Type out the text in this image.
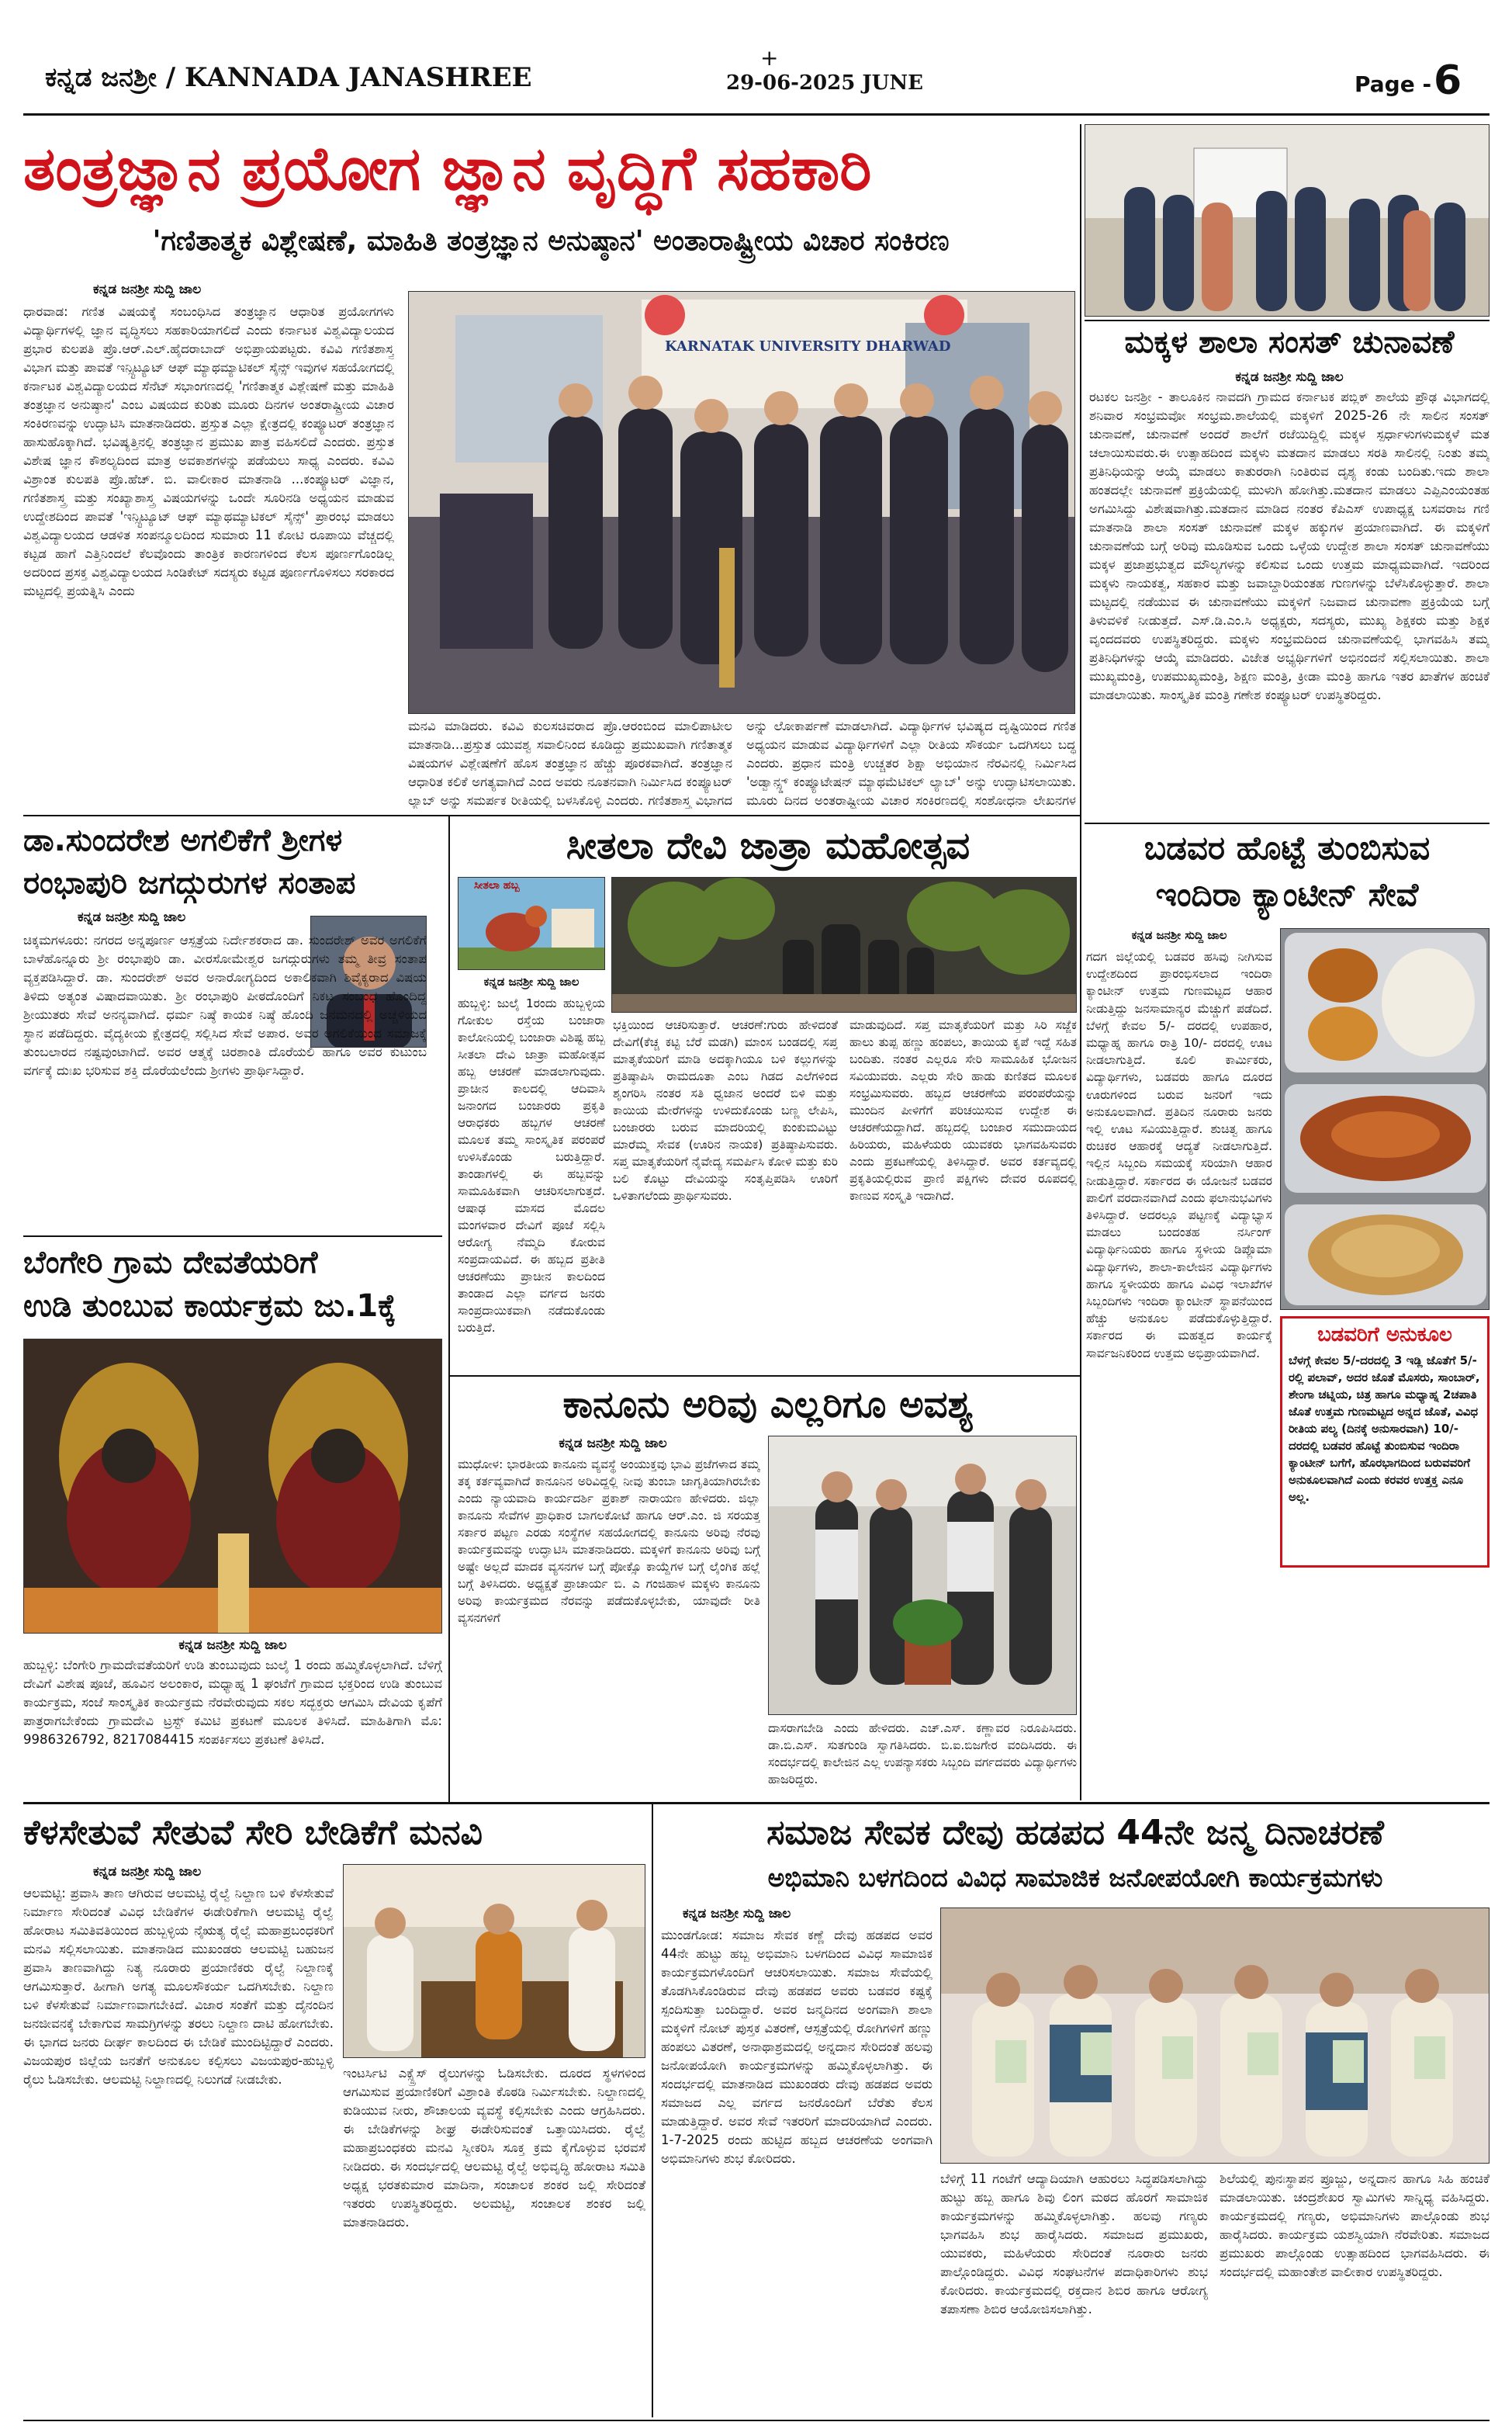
ಕನ್ನಡ ಜನಶ್ರೀ / KANNADA JANASHREE	29-06-2025 JUNE
+
Page - 6
ತಂತ್ರಜ್ಞಾನ ಪ್ರಯೋಗ ಜ್ಞಾನ ವೃದ್ಧಿಗೆ ಸಹಕಾರಿ
'ಗಣಿತಾತ್ಮಕ ವಿಶ್ಲೇಷಣೆ, ಮಾಹಿತಿ ತಂತ್ರಜ್ಞಾನ ಅನುಷ್ಠಾನ' ಅಂತಾರಾಷ್ಟ್ರೀಯ ವಿಚಾರ ಸಂಕಿರಣ
ಕನ್ನಡ ಜನಶ್ರೀ ಸುದ್ದಿ ಜಾಲ
ಧಾರವಾಡ: ಗಣಿತ ವಿಷಯಕ್ಕೆ ಸಂಬಂಧಿಸಿದ ತಂತ್ರಜ್ಞಾನ ಆಧಾರಿತ ಪ್ರಯೋಗಗಳು ವಿದ್ಯಾರ್ಥಿಗಳಲ್ಲಿ ಜ್ಞಾನ ವೃದ್ಧಿಸಲು ಸಹಕಾರಿಯಾಗಲಿದೆ ಎಂದು ಕರ್ನಾಟಕ ವಿಶ್ವವಿದ್ಯಾಲಯದ ಪ್ರಭಾರ ಕುಲಪತಿ ಪ್ರೊ.ಆರ್.ಎಲ್.ಹೈದರಾಬಾದ್ ಅಭಿಪ್ರಾಯಪಟ್ಟರು. ಕವಿವಿ ಗಣಿತಶಾಸ್ತ್ರ ವಿಭಾಗ ಮತ್ತು ಪಾವತೆ ಇನ್ಸ್ಟಿಟ್ಯೂಟ್ ಆಫ್ ಮ್ಯಾಥಮ್ಯಾಟಿಕಲ್ ಸೈನ್ಸ್ ಇವುಗಳ ಸಹಯೋಗದಲ್ಲಿ ಕರ್ನಾಟಕ ವಿಶ್ವವಿದ್ಯಾಲಯದ ಸೆನೆಟ್ ಸಭಾಂಗಣದಲ್ಲಿ 'ಗಣಿತಾತ್ಮಕ ವಿಶ್ಲೇಷಣೆ ಮತ್ತು ಮಾಹಿತಿ ತಂತ್ರಜ್ಞಾನ ಅನುಷ್ಠಾನ' ಎಂಬ ವಿಷಯದ ಕುರಿತು ಮೂರು ದಿನಗಳ ಅಂತರಾಷ್ಟ್ರೀಯ ವಿಚಾರ ಸಂಕಿರಣವನ್ನು ಉದ್ಘಾಟಿಸಿ ಮಾತನಾಡಿದರು. ಪ್ರಸ್ತುತ ಎಲ್ಲಾ ಕ್ಷೇತ್ರದಲ್ಲಿ ಕಂಪ್ಯೂಟರ್ ತಂತ್ರಜ್ಞಾನ ಹಾಸುಹೊಕ್ಕಾಗಿದೆ. ಭವಿಷ್ಯತ್ತಿನಲ್ಲಿ ತಂತ್ರಜ್ಞಾನ ಪ್ರಮುಖ ಪಾತ್ರ ವಹಿಸಲಿದೆ ಎಂದರು. ಪ್ರಸ್ತುತ ವಿಶೇಷ ಜ್ಞಾನ ಕೌಶಲ್ಯದಿಂದ ಮಾತ್ರ ಅವಕಾಶಗಳನ್ನು ಪಡೆಯಲು ಸಾಧ್ಯ ಎಂದರು. ಕವಿವಿ ವಿಶ್ರಾಂತ ಕುಲಪತಿ ಪ್ರೊ.ಹೆಚ್. ಬಿ. ವಾಲೀಕಾರ ಮಾತನಾಡಿ ...ಕಂಪ್ಯೂಟರ್ ವಿಜ್ಞಾನ, ಗಣಿತಶಾಸ್ತ್ರ ಮತ್ತು ಸಂಖ್ಯಾಶಾಸ್ತ್ರ ವಿಷಯಗಳನ್ನು ಒಂದೇ ಸೂರಿನಡಿ ಅಧ್ಯಯನ ಮಾಡುವ ಉದ್ದೇಶದಿಂದ ಪಾವತೆ 'ಇನ್ಸ್ಟಿಟ್ಯೂಟ್ ಆಫ್ ಮ್ಯಾಥಮ್ಯಾಟಿಕಲ್ ಸೈನ್ಸ್' ಪ್ರಾರಂಭ ಮಾಡಲು ವಿಶ್ವವಿದ್ಯಾಲಯದ ಆಡಳಿತ ಸಂಪನ್ಮೂಲದಿಂದ ಸುಮಾರು 11 ಕೋಟಿ ರೂಪಾಯಿ ವೆಚ್ಚದಲ್ಲಿ ಕಟ್ಟಡ ಹಾಗೆ ಎತ್ತಿನಿಂದಲೆ ಕೆಲವೊಂದು ತಾಂತ್ರಿಕ ಕಾರಣಗಳಿಂದ ಕೆಲಸ ಪೂರ್ಣಗೊಂಡಿಲ್ಲ ಅದರಿಂದ ಪ್ರಸಕ್ತ ವಿಶ್ವವಿದ್ಯಾಲಯದ ಸಿಂಡಿಕೇಟ್ ಸದಸ್ಯರು ಕಟ್ಟಡ ಪೂರ್ಣಗೊಳಿಸಲು ಸರಕಾರದ ಮಟ್ಟದಲ್ಲಿ ಪ್ರಯತ್ನಿಸಿ ಎಂದು
KARNATAK UNIVERSITY DHARWAD
ಮನವಿ ಮಾಡಿದರು. ಕವಿವಿ ಕುಲಸಚಿವರಾದ ಪ್ರೊ.ಆರಂಬಿಂದ ಮಾಲಿಪಾಟೀಲ ಮಾತನಾಡಿ...ಪ್ರಸ್ತುತ ಯುವಶ್ವ ಸವಾಲಿನಿಂದ ಕೂಡಿದ್ದು ಪ್ರಮುಖವಾಗಿ ಗಣಿತಾತ್ಮಕ ವಿಷಯಗಳ ವಿಶ್ಲೇಷಣೆಗೆ ಹೊಸ ತಂತ್ರಜ್ಞಾನ ಹೆಚ್ಚು ಪೂರಕವಾಗಿದೆ. ತಂತ್ರಜ್ಞಾನ ಆಧಾರಿತ ಕಲಿಕೆ ಅಗತ್ಯವಾಗಿದೆ ಎಂದ ಅವರು ನೂತನವಾಗಿ ನಿರ್ಮಿಸಿದ ಕಂಪ್ಯೂಟರ್ ಲ್ಯಾಬ್ ಅನ್ನು ಸಮರ್ಪಕ ರೀತಿಯಲ್ಲಿ ಬಳಸಿಕೊಳ್ಳಿ ಎಂದರು. ಗಣಿತಶಾಸ್ತ್ರ ವಿಭಾಗದ
ಅನ್ನು ಲೋಕಾರ್ಪಣೆ ಮಾಡಲಾಗಿದೆ. ವಿದ್ಯಾರ್ಥಿಗಳ ಭವಿಷ್ಯದ ದೃಷ್ಟಿಯಿಂದ ಗಣಿತ ಅಧ್ಯಯನ ಮಾಡುವ ವಿದ್ಯಾರ್ಥಿಗಳಿಗೆ ಎಲ್ಲಾ ರೀತಿಯ ಸೌಕರ್ಯ ಒದಗಿಸಲು ಬದ್ಧ ಎಂದರು. ಪ್ರಧಾನ ಮಂತ್ರಿ ಉಚ್ಚತರ ಶಿಕ್ಷಾ ಅಭಿಯಾನ ನೆರವಿನಲ್ಲಿ ನಿರ್ಮಿಸಿದ 'ಅಡ್ವಾನ್ಸ್ಡ್ ಕಂಪ್ಯೂಟೇಷನ್ ಮ್ಯಾಥಮೆಟಿಕಲ್ ಲ್ಯಾಬ್' ಅನ್ನು ಉದ್ಘಾಟಿಸಲಾಯಿತು. ಮೂರು ದಿನದ ಅಂತರಾಷ್ಟ್ರೀಯ ವಿಚಾರ ಸಂಕಿರಣದಲ್ಲಿ ಸಂಶೋಧನಾ ಲೇಖನಗಳ
ಮಕ್ಕಳ ಶಾಲಾ ಸಂಸತ್ ಚುನಾವಣೆ
ಕನ್ನಡ ಜನಶ್ರೀ ಸುದ್ದಿ ಜಾಲ
ರಟಕಲ ಜನಶ್ರೀ - ತಾಲೂಕಿನ ನಾವದಗಿ ಗ್ರಾಮದ ಕರ್ನಾಟಕ ಪಬ್ಲಿಕ್ ಶಾಲೆಯ ಪ್ರೌಢ ವಿಭಾಗದಲ್ಲಿ ಶನಿವಾರ ಸಂಭ್ರಮವೋ ಸಂಭ್ರಮ.ಶಾಲೆಯಲ್ಲಿ ಮಕ್ಕಳಿಗೆ 2025-26 ನೇ ಸಾಲಿನ ಸಂಸತ್ ಚುನಾವಣೆ, ಚುನಾವಣೆ ಅಂದರೆ ಶಾಲೆಗೆ ರಜೆಯಿದ್ದಿಲ್ಲಿ ಮಕ್ಕಳ ಸ್ಪರ್ಧಾಳುಗಳುಮಕ್ಕಳೆ ಮತ ಚಲಾಯಿಸುವರು.ಈ ಉತ್ಸಾಹದಿಂದ ಮಕ್ಕಳು ಮತದಾನ ಮಾಡಲು ಸರತಿ ಸಾಲಿನಲ್ಲಿ ನಿಂತು ತಮ್ಮ ಪ್ರತಿನಿಧಿಯನ್ನು ಆಯ್ಕೆ ಮಾಡಲು ಕಾತುರರಾಗಿ ನಿಂತಿರುವ ದೃಶ್ಯ ಕಂಡು ಬಂದಿತು.ಇದು ಶಾಲಾ ಹಂತದಲ್ಲೇ ಚುನಾವಣೆ ಪ್ರಕ್ರಿಯೆಯಲ್ಲಿ ಮುಳುಗಿ ಹೋಗಿತ್ತು.ಮತದಾನ ಮಾಡಲು ಎಪ್ಪಿಎಂಯಂತಹ ಅಗಮಿಸಿದ್ದು ವಿಶೇಷವಾಗಿತ್ತು.ಮತದಾನ ಮಾಡಿದ ನಂತರ ಕೆಪಿಎಸ್ ಉಪಾಧ್ಯಕ್ಷ ಬಸವರಾಜ ಗಣಿ ಮಾತನಾಡಿ ಶಾಲಾ ಸಂಸತ್ ಚುನಾವಣೆ ಮಕ್ಕಳ ಹಕ್ಕುಗಳ ಪ್ರಯಾಣವಾಗಿದೆ. ಈ ಮಕ್ಕಳಿಗೆ ಚುನಾವಣೆಯ ಬಗ್ಗೆ ಅರಿವು ಮೂಡಿಸುವ ಒಂದು ಒಳ್ಳೆಯ ಉದ್ದೇಶ ಶಾಲಾ ಸಂಸತ್ ಚುನಾವಣೆಯು ಮಕ್ಕಳ ಪ್ರಜಾಪ್ರಭುತ್ವದ ಮೌಲ್ಯಗಳನ್ನು ಕಲಿಸುವ ಒಂದು ಉತ್ತಮ ಮಾಧ್ಯಮವಾಗಿದೆ. ಇದರಿಂದ ಮಕ್ಕಳು ನಾಯಕತ್ವ, ಸಹಕಾರ ಮತ್ತು ಜವಾಬ್ದಾರಿಯಂತಹ ಗುಣಗಳನ್ನು ಬೆಳೆಸಿಕೊಳ್ಳುತ್ತಾರೆ. ಶಾಲಾ ಮಟ್ಟದಲ್ಲಿ ನಡೆಯುವ ಈ ಚುನಾವಣೆಯು ಮಕ್ಕಳಿಗೆ ನಿಜವಾದ ಚುನಾವಣಾ ಪ್ರಕ್ರಿಯೆಯ ಬಗ್ಗೆ ತಿಳುವಳಿಕೆ ನೀಡುತ್ತದೆ. ಎಸ್.ಡಿ.ಎಂ.ಸಿ ಅಧ್ಯಕ್ಷರು, ಸದಸ್ಯರು, ಮುಖ್ಯ ಶಿಕ್ಷಕರು ಮತ್ತು ಶಿಕ್ಷಕ ವೃಂದದವರು ಉಪಸ್ಥಿತರಿದ್ದರು. ಮಕ್ಕಳು ಸಂಭ್ರಮದಿಂದ ಚುನಾವಣೆಯಲ್ಲಿ ಭಾಗವಹಿಸಿ ತಮ್ಮ ಪ್ರತಿನಿಧಿಗಳನ್ನು ಆಯ್ಕೆ ಮಾಡಿದರು. ವಿಜೇತ ಅಭ್ಯರ್ಥಿಗಳಿಗೆ ಅಭಿನಂದನೆ ಸಲ್ಲಿಸಲಾಯಿತು. ಶಾಲಾ ಮುಖ್ಯಮಂತ್ರಿ, ಉಪಮುಖ್ಯಮಂತ್ರಿ, ಶಿಕ್ಷಣ ಮಂತ್ರಿ, ಕ್ರೀಡಾ ಮಂತ್ರಿ ಹಾಗೂ ಇತರ ಖಾತೆಗಳ ಹಂಚಿಕೆ ಮಾಡಲಾಯಿತು. ಸಾಂಸ್ಕೃತಿಕ ಮಂತ್ರಿ ಗಣೇಶ ಕಂಪ್ಯೂಟರ್ ಉಪಸ್ಥಿತರಿದ್ದರು.
ಡಾ.ಸುಂದರೇಶ ಅಗಲಿಕೆಗೆ ಶ್ರೀಗಳ
ರಂಭಾಪುರಿ ಜಗದ್ಗುರುಗಳ ಸಂತಾಪ
ಕನ್ನಡ ಜನಶ್ರೀ ಸುದ್ದಿ ಜಾಲ
ಚಿಕ್ಕಮಗಳೂರು: ನಗರದ ಅನ್ನಪೂರ್ಣ ಆಸ್ಪತ್ರೆಯ ನಿರ್ದೇಶಕರಾದ ಡಾ. ಸುಂದರೇಶ್ ಅವರ ಅಗಲಿಕೆಗೆ ಬಾಳೆಹೊನ್ನೂರು ಶ್ರೀ ರಂಭಾಪುರಿ ಡಾ. ವೀರಸೋಮೇಶ್ವರ ಜಗದ್ಗುರುಗಳು ತಮ್ಮ ತೀವ್ರ ಸಂತಾಪ ವ್ಯಕ್ತಪಡಿಸಿದ್ದಾರೆ. ಡಾ. ಸುಂದರೇಶ್ ಅವರ ಅನಾರೋಗ್ಯದಿಂದ ಅಕಾಲಿಕವಾಗಿ ಶಿವೈಕ್ಯರಾದ ವಿಷಯ ತಿಳಿದು ಅತ್ಯಂತ ವಿಷಾದವಾಯಿತು. ಶ್ರೀ ರಂಭಾಪುರಿ ಪೀಠದೊಂದಿಗೆ ನಿಕಟ ಸಂಬಂಧ ಹೊಂದಿದ್ದ ಶ್ರೀಯುತರು ಸೇವೆ ಅನನ್ಯವಾಗಿದೆ. ಧರ್ಮ ನಿಷ್ಠೆ ಕಾಯಕ ನಿಷ್ಠೆ ಹೊಂದಿ ಜನಮನದಲ್ಲಿ ಅಚ್ಚಳಿಯದ ಸ್ಥಾನ ಪಡೆದಿದ್ದರು. ವೈದ್ಯಕೀಯ ಕ್ಷೇತ್ರದಲ್ಲಿ ಸಲ್ಲಿಸಿದ ಸೇವೆ ಅಪಾರ. ಅವರ ಅಗಲಿಕೆಯಿಂದ ಸಮಾಜಕ್ಕೆ ತುಂಬಲಾರದ ನಷ್ಟವುಂಟಾಗಿದೆ. ಅವರ ಆತ್ಮಕ್ಕೆ ಚಿರಶಾಂತಿ ದೊರೆಯಲಿ ಹಾಗೂ ಅವರ ಕುಟುಂಬ ವರ್ಗಕ್ಕೆ ದುಃಖ ಭರಿಸುವ ಶಕ್ತಿ ದೊರೆಯಲೆಂದು ಶ್ರೀಗಳು ಪ್ರಾರ್ಥಿಸಿದ್ದಾರೆ.
ಬೆಂಗೇರಿ ಗ್ರಾಮ ದೇವತೆಯರಿಗೆ
ಉಡಿ ತುಂಬುವ ಕಾರ್ಯಕ್ರಮ ಜು.1ಕ್ಕೆ
ಕನ್ನಡ ಜನಶ್ರೀ ಸುದ್ದಿ ಜಾಲ
ಹುಬ್ಬಳ್ಳಿ: ಬೆಂಗೇರಿ ಗ್ರಾಮದೇವತೆಯರಿಗೆ ಉಡಿ ತುಂಬುವುದು ಜುಲೈ 1 ರಂದು ಹಮ್ಮಿಕೊಳ್ಳಲಾಗಿದೆ. ಬೆಳಿಗ್ಗೆ ದೇವಿಗೆ ವಿಶೇಷ ಪೂಜೆ, ಹೂವಿನ ಅಲಂಕಾರ, ಮಧ್ಯಾಹ್ನ 1 ಘಂಟೆಗೆ ಗ್ರಾಮದ ಭಕ್ತರಿಂದ ಉಡಿ ತುಂಬುವ ಕಾರ್ಯಕ್ರಮ, ಸಂಜೆ ಸಾಂಸ್ಕೃತಿಕ ಕಾರ್ಯಕ್ರಮ ನೆರವೇರುವುದು ಸಕಲ ಸದ್ಭಕ್ತರು ಆಗಮಿಸಿ ದೇವಿಯ ಕೃಪೆಗೆ ಪಾತ್ರರಾಗಬೇಕೆಂದು ಗ್ರಾಮದೇವಿ ಟ್ರಸ್ಟ್ ಕಮಿಟಿ ಪ್ರಕಟಣೆ ಮೂಲಕ ತಿಳಿಸಿದೆ. ಮಾಹಿತಿಗಾಗಿ ಮೊ: 9986326792, 8217084415 ಸಂಪರ್ಕಿಸಲು ಪ್ರಕಟಣೆ ತಿಳಿಸಿದೆ.
ಸೀತಲಾ ದೇವಿ ಜಾತ್ರಾ ಮಹೋತ್ಸವ
ಸೀತಲಾ ಹಬ್ಬ
ಕನ್ನಡ ಜನಶ್ರೀ ಸುದ್ದಿ ಜಾಲ
ಹುಬ್ಬಳ್ಳಿ: ಜುಲೈ 1ರಂದು ಹುಬ್ಬಳ್ಳಿಯ ಗೋಕುಲ ರಸ್ತೆಯ ಬಂಜಾರಾ ಕಾಲೋನಿಯಲ್ಲಿ ಬಂಜಾರಾ ವಿಶಿಷ್ಟ ಹಬ್ಬ ಸೀತಲಾ ದೇವಿ ಜಾತ್ರಾ ಮಹೋತ್ಸವ ಹಬ್ಬ ಆಚರಣೆ ಮಾಡಲಾಗುವುದು. ಪ್ರಾಚೀನ ಕಾಲದಲ್ಲಿ ಆದಿವಾಸಿ ಜನಾಂಗದ ಬಂಜಾರರು ಪ್ರಕೃತಿ ಆರಾಧಕರು ಹಬ್ಬಗಳ ಆಚರಣೆ ಮೂಲಕ ತಮ್ಮ ಸಾಂಸ್ಕೃತಿಕ ಪರಂಪರೆ ಉಳಿಸಿಕೊಂಡು ಬರುತ್ತಿದ್ದಾರೆ. ತಾಂಡಾಗಳಲ್ಲಿ ಈ ಹಬ್ಬವನ್ನು ಸಾಮೂಹಿಕವಾಗಿ ಆಚರಿಸಲಾಗುತ್ತದೆ. ಆಷಾಢ ಮಾಸದ ಮೊದಲ ಮಂಗಳವಾರ ದೇವಿಗೆ ಪೂಜೆ ಸಲ್ಲಿಸಿ ಆರೋಗ್ಯ ನೆಮ್ಮದಿ ಕೋರುವ ಸಂಪ್ರದಾಯವಿದೆ. ಈ ಹಬ್ಬದ ಪ್ರತೀತಿ ಆಚರಣೆಯು ಪ್ರಾಚೀನ ಕಾಲದಿಂದ ತಾಂಡಾದ ಎಲ್ಲಾ ವರ್ಗದ ಜನರು ಸಾಂಪ್ರದಾಯಿಕವಾಗಿ ನಡೆದುಕೊಂಡು ಬರುತ್ತಿದೆ.
ಭಕ್ತಿಯಿಂದ ಆಚರಿಸುತ್ತಾರೆ. ಆಚರಣೆ:ಗುರು ಹೇಳಿದಂತೆ ದೇವಿಗೆ(ಕೆಚ್ಚ ಕಟ್ಟಿ ಬೆರೆ ಮಡಗಿ) ಮಾಂಸ ಬಂಡದಲ್ಲಿ ಸಪ್ತ ಮಾತೃಕೆಯರಿಗೆ ಮಾಡಿ ಅದಕ್ಕಾಗಿಯೂ ಬಳಿ ಕಲ್ಲುಗಳನ್ನು ಪ್ರತಿಷ್ಠಾಪಿಸಿ ರಾಮದೂತಾ ಎಂಬ ಗಿಡದ ಎಲೆಗಳಿಂದ ಶೃಂಗರಿಸಿ ನಂತರ ಸತಿ ಧ್ವಜಾನ ಅಂದರೆ ಬಿಳಿ ಮತ್ತು ಕಾಯಿಯ ಮೇರೆಗಳನ್ನು ಉಳಿದುಕೊಂಡು ಬಣ್ಣ ಲೇಪಿಸಿ, ಬಂಜಾರರು ಬರುವ ಮಾದರಿಯಲ್ಲಿ ಕುಂಕುಮವಿಟ್ಟು ಮಾರೆಮ್ಮ ಸೇವಕ (ಊರಿನ ನಾಯಕ) ಪ್ರತಿಷ್ಠಾಪಿಸುವರು. ಸಪ್ತ ಮಾತೃಕೆಯರಿಗೆ ನೈವೇದ್ಯ ಸಮರ್ಪಿಸಿ ಕೋಳಿ ಮತ್ತು ಕುರಿ ಬಲಿ ಕೊಟ್ಟು ದೇವಿಯನ್ನು ಸಂತೃಪ್ತಿಪಡಿಸಿ ಊರಿಗೆ ಒಳಿತಾಗಲೆಂದು ಪ್ರಾರ್ಥಿಸುವರು.
ಮಾಡುವುದಿದೆ. ಸಪ್ತ ಮಾತೃಕೆಯರಿಗೆ ಮತ್ತು ಸಿರಿ ಸಜ್ಜೆಕ ಹಾಲು ತುಪ್ಪ ಹಣ್ಣು ಹಂಪಲು, ತಾಯಿಯ ಕೃಪೆ ಇದ್ದೆ ಸಹಿತ ಬಂದಿತು. ನಂತರ ಎಲ್ಲರೂ ಸೇರಿ ಸಾಮೂಹಿಕ ಭೋಜನ ಸವಿಯುವರು. ಎಲ್ಲರು ಸೇರಿ ಹಾಡು ಕುಣಿತದ ಮೂಲಕ ಸಂಭ್ರಮಿಸುವರು. ಹಬ್ಬದ ಆಚರಣೆಯ ಪರಂಪರೆಯನ್ನು ಮುಂದಿನ ಪೀಳಿಗೆಗೆ ಪರಿಚಯಿಸುವ ಉದ್ದೇಶ ಈ ಆಚರಣೆಯದ್ದಾಗಿದೆ. ಹಬ್ಬದಲ್ಲಿ ಬಂಜಾರ ಸಮುದಾಯದ ಹಿರಿಯರು, ಮಹಿಳೆಯರು ಯುವಕರು ಭಾಗವಹಿಸುವರು ಎಂದು ಪ್ರಕಟಣೆಯಲ್ಲಿ ತಿಳಿಸಿದ್ದಾರೆ. ಅವರ ಕರ್ತವ್ಯದಲ್ಲಿ ಪ್ರಕೃತಿಯಲ್ಲಿರುವ ಪ್ರಾಣಿ ಪಕ್ಷಿಗಳು ದೇವರ ರೂಪದಲ್ಲಿ ಕಾಣುವ ಸಂಸ್ಕೃತಿ ಇದಾಗಿದೆ.
ಕಾನೂನು ಅರಿವು ಎಲ್ಲರಿಗೂ ಅವಶ್ಯ
ಕನ್ನಡ ಜನಶ್ರೀ ಸುದ್ದಿ ಜಾಲ
ಮುಧೋಳ: ಭಾರತೀಯ ಕಾನೂನು ವ್ಯವಸ್ಥೆ ಅಂಯುಕ್ತವು ಭಾವಿ ಪ್ರಜೆಗಳಾದ ತಮ್ಮ ತಕ್ಕ ಕರ್ತವ್ಯವಾಗಿದೆ ಕಾನೂನಿನ ಅರಿವಿದ್ದಲ್ಲಿ ನೀವು ತುಂಬಾ ಜಾಗೃತಿಯಾಗಿರಬೇಕು ಎಂದು ನ್ಯಾಯವಾದಿ ಕಾರ್ಯದರ್ಶಿ ಪ್ರಕಾಶ್ ನಾರಾಯಣ ಹೇಳಿದರು. ಜಿಲ್ಲಾ ಕಾನೂನು ಸೇವೆಗಳ ಪ್ರಾಧಿಕಾರ ಬಾಗಲಕೋಟೆ ಹಾಗೂ ಆರ್.ಎಂ. ಜಿ ಸರಯತ್ತ ಸರ್ಕಾರ ಪಟ್ಟಣ ಎರಡು ಸಂಸ್ಥೆಗಳ ಸಹಯೋಗದಲ್ಲಿ ಕಾನೂನು ಅರಿವು ನೆರವು ಕಾರ್ಯಕ್ರಮವನ್ನು ಉದ್ಘಾಟಿಸಿ ಮಾತನಾಡಿದರು. ಮಕ್ಕಳಿಗೆ ಕಾನೂನು ಅರಿವು ಬಗ್ಗೆ ಅಷ್ಟೇ ಅಲ್ಲದೆ ಮಾದಕ ವ್ಯಸನಗಳ ಬಗ್ಗೆ ಪೋಕ್ಸೊ ಕಾಯ್ದೆಗಳ ಬಗ್ಗೆ ಲೈಂಗಿಕ ಹಲ್ಲೆ ಬಗ್ಗೆ ತಿಳಿಸಿದರು. ಅಧ್ಯಕ್ಷತೆ ಪ್ರಾಚಾರ್ಯ ಬಿ. ಎ ಗಂಜಿಹಾಳ ಮಕ್ಕಳು ಕಾನೂನು ಅರಿವು ಕಾರ್ಯಕ್ರಮದ ನೆರವನ್ನು ಪಡೆದುಕೊಳ್ಳಬೇಕು, ಯಾವುದೇ ರೀತಿ ವ್ಯಸನಗಳಿಗೆ
ದಾಸರಾಗಬೇಡಿ ಎಂದು ಹೇಳಿದರು. ಎಚ್.ಎಸ್. ಕಣ್ಣಾವರ ನಿರೂಪಿಸಿದರು. ಡಾ.ಬಿ.ಎಸ್. ಸುತಗುಂಡಿ ಸ್ವಾಗತಿಸಿದರು. ಬಿ.ಐ.ಬಿಜಗೇರ ವಂದಿಸಿದರು. ಈ ಸಂದರ್ಭದಲ್ಲಿ ಕಾಲೇಜಿನ ಎಲ್ಲ ಉಪನ್ಯಾಸಕರು ಸಿಬ್ಬಂದಿ ವರ್ಗದವರು ವಿದ್ಯಾರ್ಥಿಗಳು ಹಾಜರಿದ್ದರು.
ಬಡವರ ಹೊಟ್ಟೆ ತುಂಬಿಸುವ
ಇಂದಿರಾ ಕ್ಯಾಂಟೀನ್ ಸೇವೆ
ಕನ್ನಡ ಜನಶ್ರೀ ಸುದ್ದಿ ಜಾಲ
ಗದಗ ಜಿಲ್ಲೆಯಲ್ಲಿ ಬಡವರ ಹಸಿವು ನೀಗಿಸುವ ಉದ್ದೇಶದಿಂದ ಪ್ರಾರಂಭಿಸಲಾದ ಇಂದಿರಾ ಕ್ಯಾಂಟೀನ್ ಉತ್ತಮ ಗುಣಮಟ್ಟದ ಆಹಾರ ನೀಡುತ್ತಿದ್ದು ಜನಸಾಮಾನ್ಯರ ಮೆಚ್ಚುಗೆ ಪಡೆದಿದೆ. ಬೆಳಗ್ಗೆ ಕೇವಲ 5/- ದರದಲ್ಲಿ ಉಪಹಾರ, ಮಧ್ಯಾಹ್ನ ಹಾಗೂ ರಾತ್ರಿ 10/- ದರದಲ್ಲಿ ಊಟ ನೀಡಲಾಗುತ್ತಿದೆ. ಕೂಲಿ ಕಾರ್ಮಿಕರು, ವಿದ್ಯಾರ್ಥಿಗಳು, ಬಡವರು ಹಾಗೂ ದೂರದ ಊರುಗಳಿಂದ ಬರುವ ಜನರಿಗೆ ಇದು ಅನುಕೂಲವಾಗಿದೆ. ಪ್ರತಿದಿನ ನೂರಾರು ಜನರು ಇಲ್ಲಿ ಊಟ ಸವಿಯುತ್ತಿದ್ದಾರೆ. ಶುಚಿತ್ವ ಹಾಗೂ ರುಚಿಕರ ಆಹಾರಕ್ಕೆ ಆದ್ಯತೆ ನೀಡಲಾಗುತ್ತಿದೆ. ಇಲ್ಲಿನ ಸಿಬ್ಬಂದಿ ಸಮಯಕ್ಕೆ ಸರಿಯಾಗಿ ಆಹಾರ ನೀಡುತ್ತಿದ್ದಾರೆ. ಸರ್ಕಾರದ ಈ ಯೋಜನೆ ಬಡವರ ಪಾಲಿಗೆ ವರದಾನವಾಗಿದೆ ಎಂದು ಫಲಾನುಭವಿಗಳು ತಿಳಿಸಿದ್ದಾರೆ. ಅದರಲ್ಲೂ ಪಟ್ಟಣಕ್ಕೆ ವಿದ್ಯಾಭ್ಯಾಸ ಮಾಡಲು ಬಂದಂತಹ ನರ್ಸಿಂಗ್ ವಿದ್ಯಾರ್ಥಿನಿಯರು ಹಾಗೂ ಸ್ಥಳೀಯ ಡಿಪ್ಲೊಮಾ ವಿದ್ಯಾರ್ಥಿಗಳು, ಶಾಲಾ-ಕಾಲೇಜಿನ ವಿದ್ಯಾರ್ಥಿಗಳು ಹಾಗೂ ಸ್ಥಳೀಯರು ಹಾಗೂ ವಿವಿಧ ಇಲಾಖೆಗಳ ಸಿಬ್ಬಂದಿಗಳು ಇಂದಿರಾ ಕ್ಯಾಂಟೀನ್ ಸ್ಥಾಪನೆಯಿಂದ ಹೆಚ್ಚು ಅನುಕೂಲ ಪಡೆದುಕೊಳ್ಳುತ್ತಿದ್ದಾರೆ. ಸರ್ಕಾರದ ಈ ಮಹತ್ವದ ಕಾರ್ಯಕ್ಕೆ ಸಾರ್ವಜನಿಕರಿಂದ ಉತ್ತಮ ಅಭಿಪ್ರಾಯವಾಗಿದೆ.
ಬಡವರಿಗೆ ಅನುಕೂಲ
ಬೆಳಗ್ಗೆ ಕೇವಲ 5/-ದರದಲ್ಲಿ 3 ಇಡ್ಲಿ ಜೊತೆಗೆ 5/-ರಲ್ಲಿ ಪಲಾವ್, ಅದರ ಜೊತೆ ಮೊಸರು, ಸಾಂಬಾರ್, ಶೇಂಗಾ ಚಟ್ನಿಯ, ಚಿತ್ರ ಹಾಗೂ ಮಧ್ಯಾಹ್ನ 2ಚಪಾತಿ ಜೊತೆ ಉತ್ತಮ ಗುಣಮಟ್ಟದ ಅನ್ನದ ಜೊತೆ, ವಿವಿಧ ರೀತಿಯ ಪಲ್ಯ (ದಿನಕ್ಕೆ ಅನುಸಾರವಾಗಿ) 10/-ದರದಲ್ಲಿ ಬಡವರ ಹೊಟ್ಟೆ ತುಂಬಿಸುವ ಇಂದಿರಾ ಕ್ಯಾಂಟೀನ್ ಬಗೆಗೆ, ಹೊರಭಾಗದಿಂದ ಬರುವವರಿಗೆ ಅನುಕೂಲವಾಗಿದೆ ಎಂದು ಕರವರ ಉತ್ತಕ್ತ ಎನೂ ಅಲ್ಲ.
ಕೆಳಸೇತುವೆ ಸೇತುವೆ ಸೇರಿ ಬೇಡಿಕೆಗೆ ಮನವಿ
ಕನ್ನಡ ಜನಶ್ರೀ ಸುದ್ದಿ ಜಾಲ
ಆಲಮಟ್ಟಿ: ಪ್ರವಾಸಿ ತಾಣ ಆಗಿರುವ ಆಲಮಟ್ಟಿ ರೈಲ್ವೆ ನಿಲ್ದಾಣ ಬಳಿ ಕೆಳಸೇತುವೆ ನಿರ್ಮಾಣ ಸೇರಿದಂತೆ ವಿವಿಧ ಬೇಡಿಕೆಗಳ ಈಡೇರಿಕೆಗಾಗಿ ಆಲಮಟ್ಟಿ ರೈಲ್ವೆ ಹೋರಾಟ ಸಮಿತಿವತಿಯಿಂದ ಹುಬ್ಬಳ್ಳಿಯ ನೈಋತ್ಯ ರೈಲ್ವೆ ಮಹಾಪ್ರಬಂಧಕರಿಗೆ ಮನವಿ ಸಲ್ಲಿಸಲಾಯಿತು. ಮಾತನಾಡಿದ ಮುಖಂಡರು ಆಲಮಟ್ಟಿ ಬಹುಜನ ಪ್ರವಾಸಿ ತಾಣವಾಗಿದ್ದು ನಿತ್ಯ ನೂರಾರು ಪ್ರಯಾಣಿಕರು ರೈಲ್ವೆ ನಿಲ್ದಾಣಕ್ಕೆ ಆಗಮಿಸುತ್ತಾರೆ. ಹೀಗಾಗಿ ಅಗತ್ಯ ಮೂಲಸೌಕರ್ಯ ಒದಗಿಸಬೇಕು. ನಿಲ್ದಾಣ ಬಳಿ ಕೆಳಸೇತುವೆ ನಿರ್ಮಾಣವಾಗಬೇಕಿದೆ. ವಿಜಾರ ಸಂತೆಗೆ ಮತ್ತು ದೈನಂದಿನ ಜನಜೀವನಕ್ಕೆ ಬೇಕಾಗುವ ಸಾಮಗ್ರಿಗಳನ್ನು ತರಲು ನಿಲ್ದಾಣ ದಾಟಿ ಹೋಗಬೇಕು. ಈ ಭಾಗದ ಜನರು ದೀರ್ಘ ಕಾಲದಿಂದ ಈ ಬೇಡಿಕೆ ಮುಂದಿಟ್ಟಿದ್ದಾರೆ ಎಂದರು. ವಿಜಯಪುರ ಜಿಲ್ಲೆಯ ಜನತೆಗೆ ಅನುಕೂಲ ಕಲ್ಪಿಸಲು ವಿಜಯಪುರ-ಹುಬ್ಬಳ್ಳಿ ರೈಲು ಓಡಿಸಬೇಕು. ಆಲಮಟ್ಟಿ ನಿಲ್ದಾಣದಲ್ಲಿ ನಿಲುಗಡೆ ನೀಡಬೇಕು.	ಇಂಟರ್ಸಿಟಿ ಎಕ್ಸ್ಪ್ರೆಸ್ ರೈಲುಗಳನ್ನು ಓಡಿಸಬೇಕು. ದೂರದ ಸ್ಥಳಗಳಿಂದ ಆಗಮಿಸುವ ಪ್ರಯಾಣಿಕರಿಗೆ ವಿಶ್ರಾಂತಿ ಕೊಠಡಿ ನಿರ್ಮಿಸಬೇಕು. ನಿಲ್ದಾಣದಲ್ಲಿ ಕುಡಿಯುವ ನೀರು, ಶೌಚಾಲಯ ವ್ಯವಸ್ಥೆ ಕಲ್ಪಿಸಬೇಕು ಎಂದು ಆಗ್ರಹಿಸಿದರು. ಈ ಬೇಡಿಕೆಗಳನ್ನು ಶೀಘ್ರ ಈಡೇರಿಸುವಂತೆ ಒತ್ತಾಯಿಸಿದರು. ರೈಲ್ವೆ ಮಹಾಪ್ರಬಂಧಕರು ಮನವಿ ಸ್ವೀಕರಿಸಿ ಸೂಕ್ತ ಕ್ರಮ ಕೈಗೊಳ್ಳುವ ಭರವಸೆ ನೀಡಿದರು. ಈ ಸಂದರ್ಭದಲ್ಲಿ ಆಲಮಟ್ಟಿ ರೈಲ್ವೆ ಅಭಿವೃದ್ಧಿ ಹೋರಾಟ ಸಮಿತಿ ಅಧ್ಯಕ್ಷ ಭರತಕುಮಾರ ಮಾದಿನಾ, ಸಂಚಾಲಕ ಶಂಕರ ಜಲ್ಲಿ ಸೇರಿದಂತೆ ಇತರರು ಉಪಸ್ಥಿತರಿದ್ದರು. ಅಲಮಟ್ಟಿ, ಸಂಚಾಲಕ ಶಂಕರ ಜಲ್ಲಿ ಮಾತನಾಡಿದರು.
ಸಮಾಜ ಸೇವಕ ದೇವು ಹಡಪದ 44ನೇ ಜನ್ಮ ದಿನಾಚರಣೆ
ಅಭಿಮಾನಿ ಬಳಗದಿಂದ ವಿವಿಧ ಸಾಮಾಜಿಕ ಜನೋಪಯೋಗಿ ಕಾರ್ಯಕ್ರಮಗಳು
ಕನ್ನಡ ಜನಶ್ರೀ ಸುದ್ದಿ ಜಾಲ
ಮುಂಡಗೋಡ: ಸಮಾಜ ಸೇವಕ ಕಣ್ಣೆ ದೇವು ಹಡಪದ ಅವರ 44ನೇ ಹುಟ್ಟು ಹಬ್ಬ ಅಭಿಮಾನಿ ಬಳಗದಿಂದ ವಿವಿಧ ಸಾಮಾಜಿಕ ಕಾರ್ಯಕ್ರಮಗಳೊಂದಿಗೆ ಆಚರಿಸಲಾಯಿತು. ಸಮಾಜ ಸೇವೆಯಲ್ಲಿ ತೊಡಗಿಸಿಕೊಂಡಿರುವ ದೇವು ಹಡಪದ ಅವರು ಬಡವರ ಕಷ್ಟಕ್ಕೆ ಸ್ಪಂದಿಸುತ್ತಾ ಬಂದಿದ್ದಾರೆ. ಅವರ ಜನ್ಮದಿನದ ಅಂಗವಾಗಿ ಶಾಲಾ ಮಕ್ಕಳಿಗೆ ನೋಟ್ ಪುಸ್ತಕ ವಿತರಣೆ, ಆಸ್ಪತ್ರೆಯಲ್ಲಿ ರೋಗಿಗಳಿಗೆ ಹಣ್ಣು ಹಂಪಲು ವಿತರಣೆ, ಅನಾಥಾಶ್ರಮದಲ್ಲಿ ಅನ್ನದಾನ ಸೇರಿದಂತೆ ಹಲವು ಜನೋಪಯೋಗಿ ಕಾರ್ಯಕ್ರಮಗಳನ್ನು ಹಮ್ಮಿಕೊಳ್ಳಲಾಗಿತ್ತು. ಈ ಸಂದರ್ಭದಲ್ಲಿ ಮಾತನಾಡಿದ ಮುಖಂಡರು ದೇವು ಹಡಪದ ಅವರು ಸಮಾಜದ ಎಲ್ಲ ವರ್ಗದ ಜನರೊಂದಿಗೆ ಬೆರೆತು ಕೆಲಸ ಮಾಡುತ್ತಿದ್ದಾರೆ. ಅವರ ಸೇವೆ ಇತರರಿಗೆ ಮಾದರಿಯಾಗಿದೆ ಎಂದರು. 1-7-2025 ರಂದು ಹುಟ್ಟಿದ ಹಬ್ಬದ ಆಚರಣೆಯ ಅಂಗವಾಗಿ ಅಭಿಮಾನಿಗಳು ಶುಭ ಕೋರಿದರು.
ಬೆಳಿಗ್ಗೆ 11 ಗಂಟೆಗೆ ಆದ್ಯಾದಿಯಾಗಿ ಆಹುರಲು ಸಿದ್ಧಪಡಿಸಲಾಗಿದ್ದು ಹುಟ್ಟು ಹಬ್ಬ ಹಾಗೂ ಶಿವು ಲಿಂಗ ಮಠದ ಹೊರಗೆ ಸಾಮಾಜಿಕ ಕಾರ್ಯಕ್ರಮಗಳನ್ನು ಹಮ್ಮಿಕೊಳ್ಳಲಾಗಿತ್ತು. ಹಲವು ಗಣ್ಯರು ಭಾಗವಹಿಸಿ ಶುಭ ಹಾರೈಸಿದರು. ಸಮಾಜದ ಪ್ರಮುಖರು, ಯುವಕರು, ಮಹಿಳೆಯರು ಸೇರಿದಂತೆ ನೂರಾರು ಜನರು ಪಾಲ್ಗೊಂಡಿದ್ದರು. ವಿವಿಧ ಸಂಘಟನೆಗಳ ಪದಾಧಿಕಾರಿಗಳು ಶುಭ ಕೋರಿದರು. ಕಾರ್ಯಕ್ರಮದಲ್ಲಿ ರಕ್ತದಾನ ಶಿಬಿರ ಹಾಗೂ ಆರೋಗ್ಯ ತಪಾಸಣಾ ಶಿಬಿರ ಆಯೋಜಿಸಲಾಗಿತ್ತು.
ಶಿಲೆಯಲ್ಲಿ ಪುನಃಸ್ಥಾಪನ ಪ್ರೂಜ್ಜು, ಅನ್ನದಾನ ಹಾಗೂ ಸಿಹಿ ಹಂಚಿಕೆ ಮಾಡಲಾಯಿತು. ಚಂದ್ರಶೇಖರ ಸ್ವಾಮಿಗಳು ಸಾನ್ನಿಧ್ಯ ವಹಿಸಿದ್ದರು. ಕಾರ್ಯಕ್ರಮದಲ್ಲಿ ಗಣ್ಯರು, ಅಭಿಮಾನಿಗಳು ಪಾಲ್ಗೊಂಡು ಶುಭ ಹಾರೈಸಿದರು. ಕಾರ್ಯಕ್ರಮ ಯಶಸ್ವಿಯಾಗಿ ನೆರವೇರಿತು. ಸಮಾಜದ ಪ್ರಮುಖರು ಪಾಲ್ಗೊಂಡು ಉತ್ಸಾಹದಿಂದ ಭಾಗವಹಿಸಿದರು. ಈ ಸಂದರ್ಭದಲ್ಲಿ ಮಹಾಂತೇಶ ವಾಲೀಕಾರ ಉಪಸ್ಥಿತರಿದ್ದರು.
